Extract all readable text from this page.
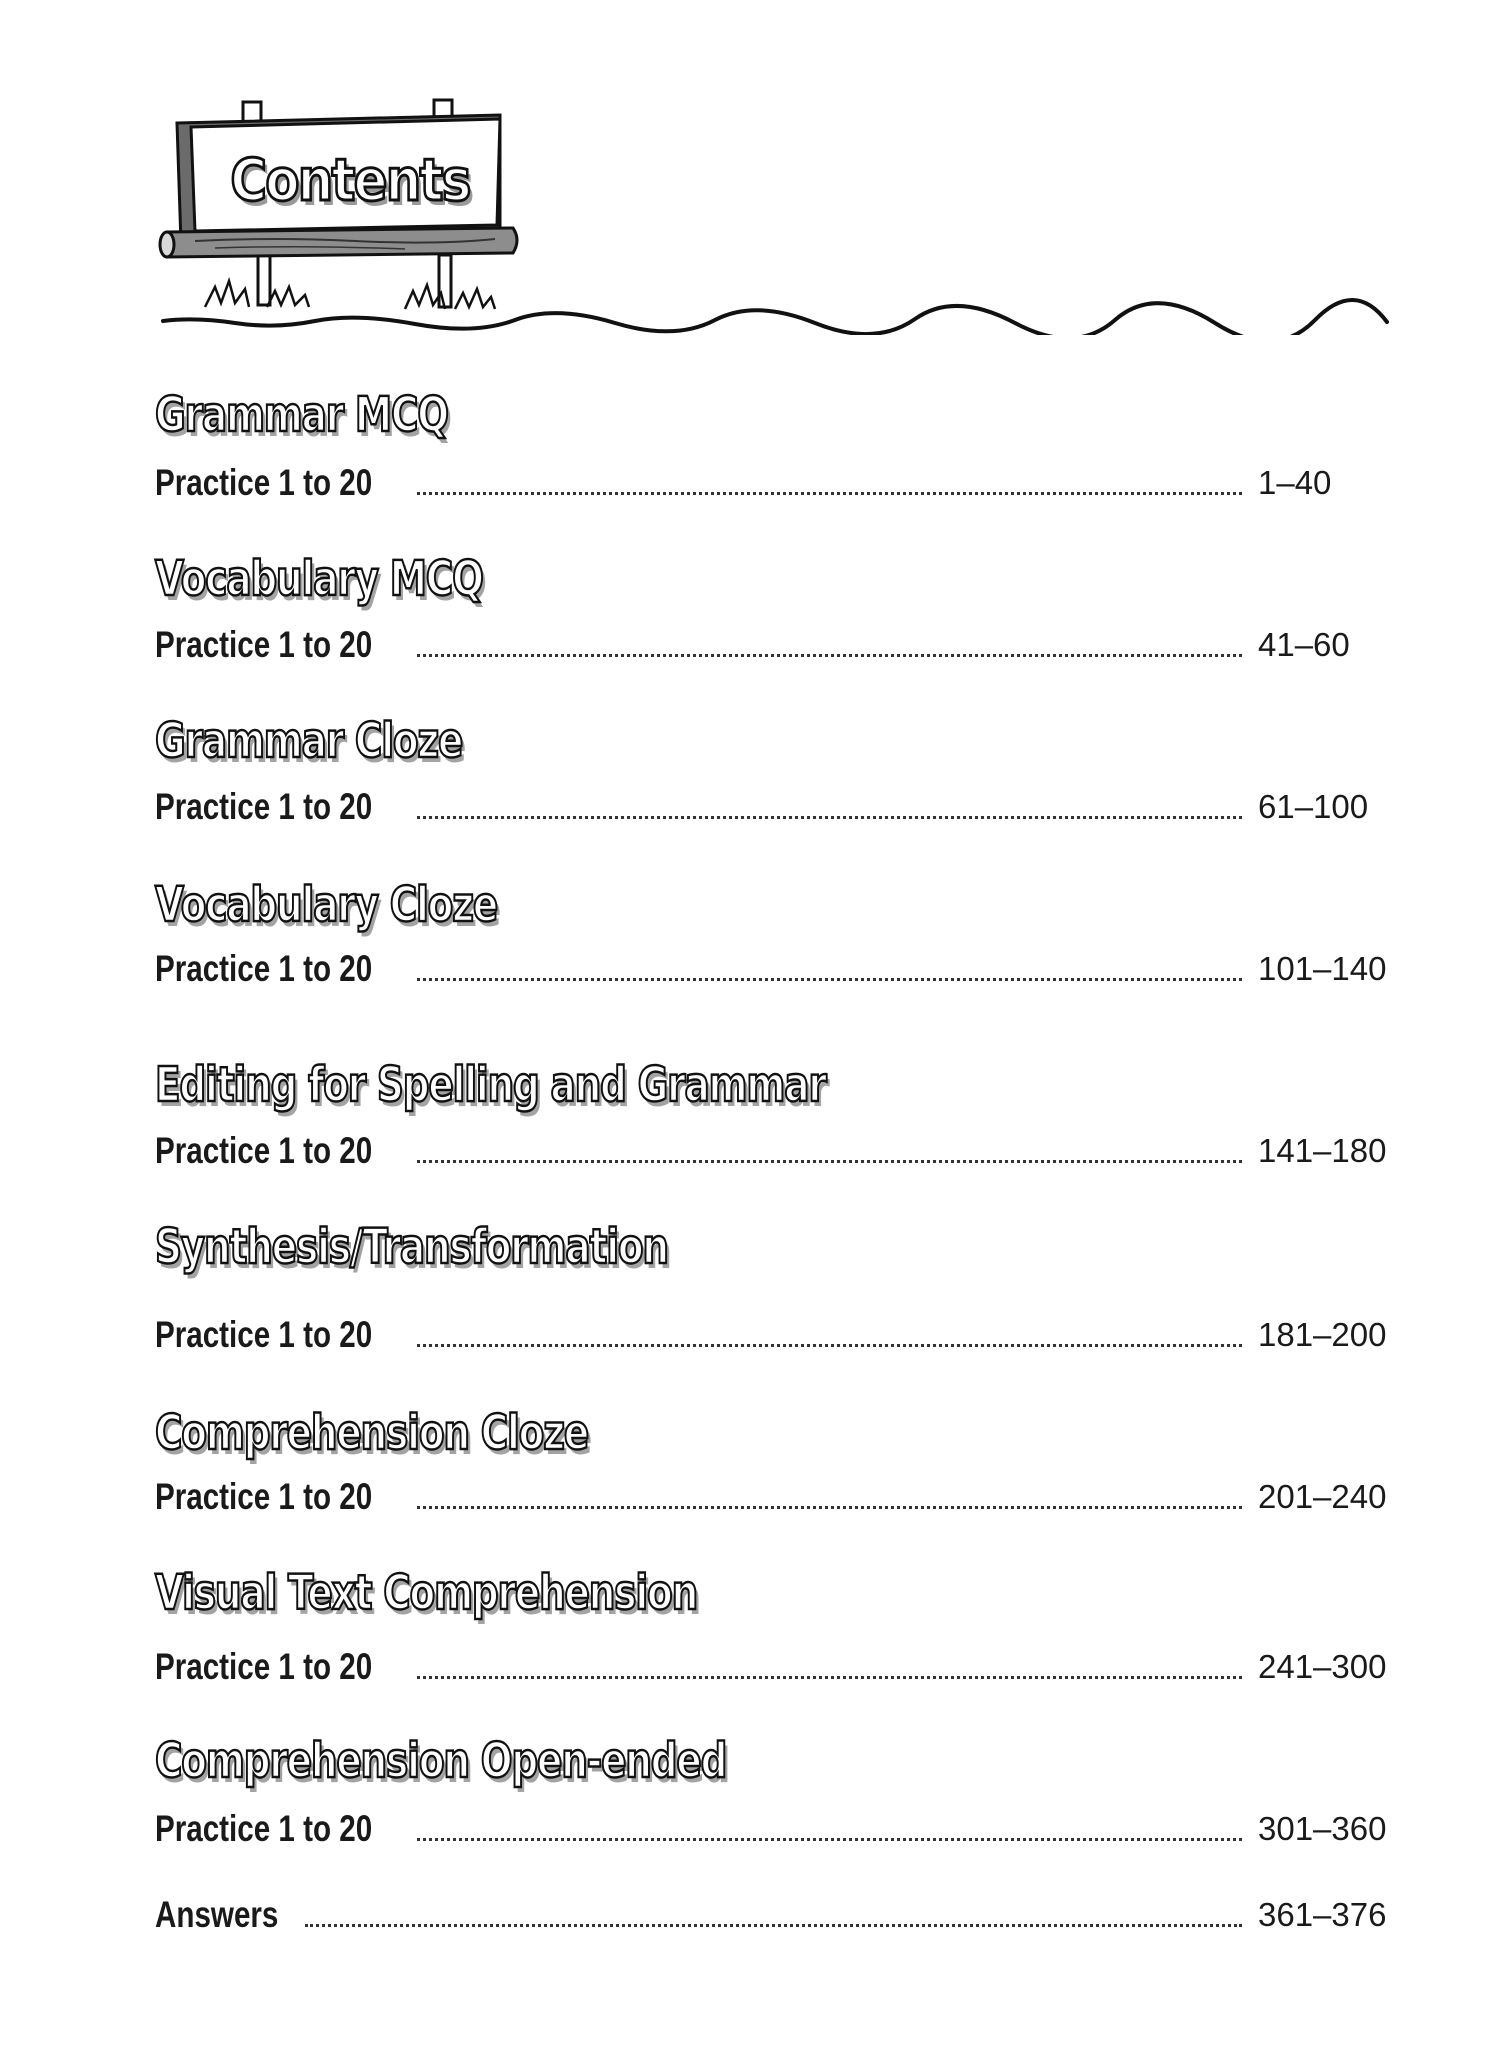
Contents
Grammar MCQ
Practice 1 to 20	1–40
Vocabulary MCQ
Practice 1 to 20	41–60
Grammar Cloze
Practice 1 to 20	61–100
Vocabulary Cloze
Practice 1 to 20	101–140
Editing for Spelling and Grammar
Practice 1 to 20	141–180
Synthesis/Transformation
Practice 1 to 20	181–200
Comprehension Cloze
Practice 1 to 20	201–240
Visual Text Comprehension
Practice 1 to 20	241–300
Comprehension Open-ended
Practice 1 to 20	301–360
Answers	361–376
